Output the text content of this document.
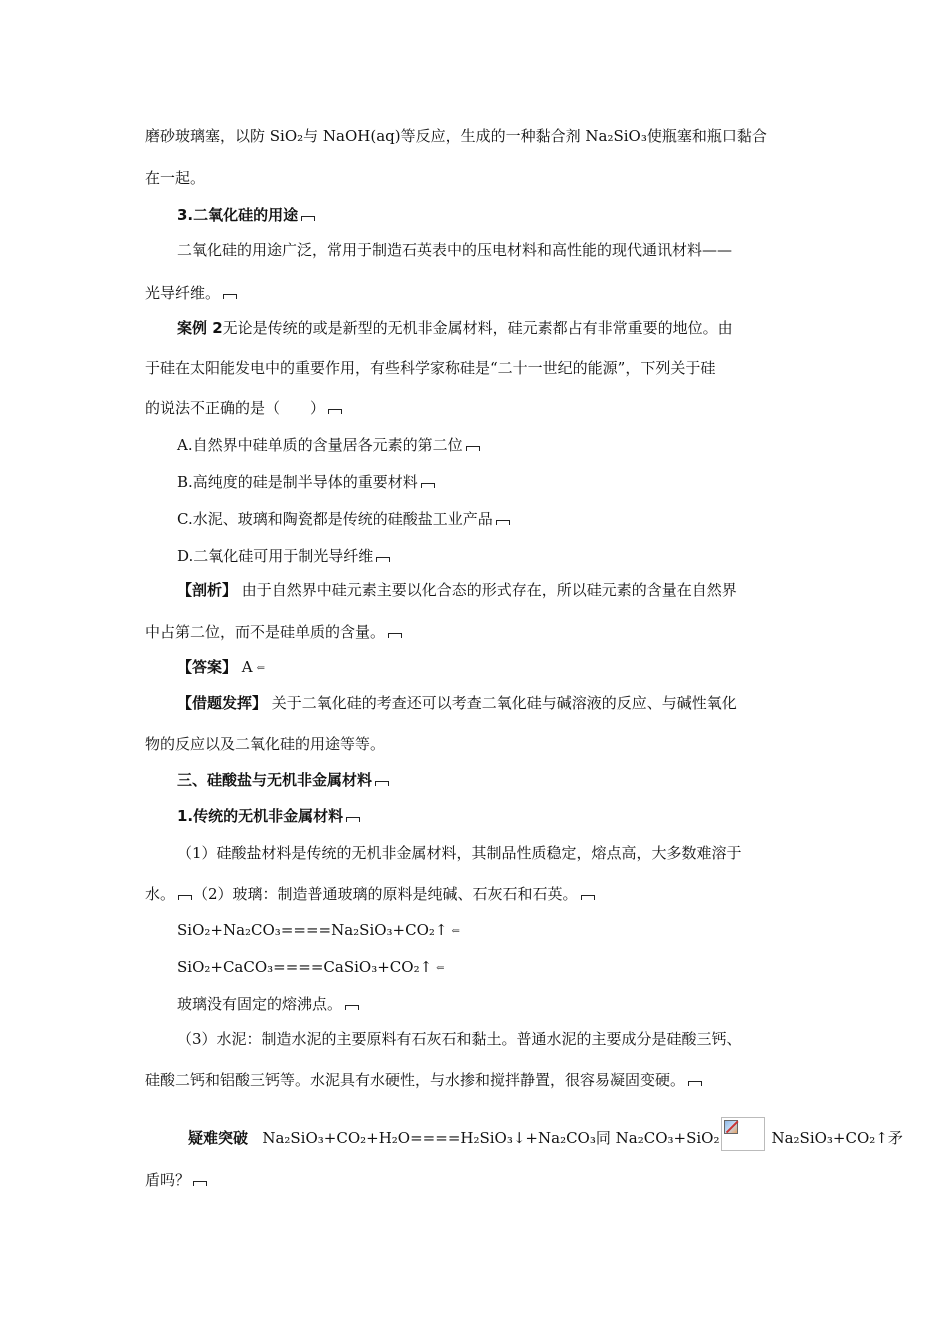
磨砂玻璃塞，以防 SiO₂与 NaOH(aq)等反应，生成的一种黏合剂 Na₂SiO₃使瓶塞和瓶口黏合
在一起。
3.二氧化硅的用途
二氧化硅的用途广泛，常用于制造石英表中的压电材料和高性能的现代通讯材料——
光导纤维。
案例 2无论是传统的或是新型的无机非金属材料，硅元素都占有非常重要的地位。由
于硅在太阳能发电中的重要作用，有些科学家称硅是“二十一世纪的能源”，下列关于硅
的说法不正确的是（　　）
A.自然界中硅单质的含量居各元素的第二位
B.高纯度的硅是制半导体的重要材料
C.水泥、玻璃和陶瓷都是传统的硅酸盐工业产品
D.二氧化硅可用于制光导纤维
【剖析】 由于自然界中硅元素主要以化合态的形式存在，所以硅元素的含量在自然界
中占第二位，而不是硅单质的含量。
【答案】 A ⇐
【借题发挥】 关于二氧化硅的考查还可以考查二氧化硅与碱溶液的反应、与碱性氧化
物的反应以及二氧化硅的用途等等。
三、硅酸盐与无机非金属材料
1.传统的无机非金属材料
（1）硅酸盐材料是传统的无机非金属材料，其制品性质稳定，熔点高，大多数难溶于
水。 （2）玻璃：制造普通玻璃的原料是纯碱、石灰石和石英。
SiO₂+Na₂CO₃====Na₂SiO₃+CO₂↑ ⇐
SiO₂+CaCO₃====CaSiO₃+CO₂↑ ⇐
玻璃没有固定的熔沸点。
（3）水泥：制造水泥的主要原料有石灰石和黏土。普通水泥的主要成分是硅酸三钙、
硅酸二钙和铝酸三钙等。水泥具有水硬性，与水掺和搅拌静置，很容易凝固变硬。
疑难突破 Na₂SiO₃+CO₂+H₂O====H₂SiO₃↓+Na₂CO₃同 Na₂CO₃+SiO₂	Na₂SiO₃+CO₂↑矛
盾吗？
